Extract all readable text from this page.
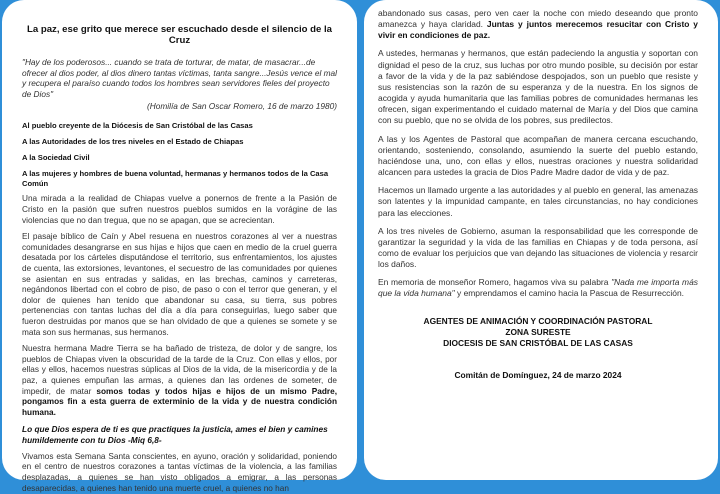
La paz, ese grito que merece ser escuchado desde el silencio de la Cruz
"Hay de los poderosos... cuando se trata de torturar, de matar, de masacrar...de ofrecer al dios poder, al dios dinero tantas víctimas, tanta sangre...Jesús vence el mal y recupera el paraíso cuando todos los hombres sean servidores fieles del proyecto de Dios"
(Homilía de San Oscar Romero, 16 de marzo 1980)
Al pueblo creyente de la Diócesis de San Cristóbal de las Casas
A las Autoridades de los tres niveles en el Estado de Chiapas
A la Sociedad Civil
A las mujeres y hombres de buena voluntad, hermanas y hermanos todos de la Casa Común

Una mirada a la realidad de Chiapas vuelve a ponernos de frente a la Pasión de Cristo en la pasión que sufren nuestros pueblos sumidos en la vorágine de las violencias que no dan tregua, que no se apagan, que se acrecientan.

El pasaje bíblico de Caín y Abel resuena en nuestros corazones al ver a nuestras comunidades desangrarse en sus hijas e hijos que caen en medio de la cruel guerra desatada por los cárteles disputándose el territorio, sus enfrentamientos, los ajustes de cuenta, las extorsiones, levantones, el secuestro de las comunidades por quienes se asientan en sus entradas y salidas, en las brechas, caminos y carreteras, negándonos libertad con el cobro de piso, de paso o con el terror que generan, y el dolor de quienes han tenido que abandonar su casa, su tierra, sus pobres pertenencias con tantas luchas del día a día para conseguirlas, luego saber que fueron destruidas por manos que se han olvidado de que a quienes se somete y se mata son sus hermanas, sus hermanos.

Nuestra hermana Madre Tierra se ha bañado de tristeza, de dolor y de sangre, los pueblos de Chiapas viven la obscuridad de la tarde de la Cruz. Con ellas y ellos, por ellas y ellos, hacemos nuestras súplicas al Dios de la vida, de la misericordia y de la paz, a quienes empuñan las armas, a quienes dan las ordenes de someter, de impedir, de matar somos todas y todos hijas e hijos de un mismo Padre, pongamos fin a esta guerra de exterminio de la vida y de nuestra condición humana.

Lo que Dios espera de ti es que practiques la justicia, ames el bien y camines humildemente con tu Dios -Miq 6,8-

Vivamos esta Semana Santa conscientes, en ayuno, oración y solidaridad, poniendo en el centro de nuestros corazones a tantas víctimas de la violencia, a las familias desplazadas, a quienes se han visto obligados a emigrar, a las personas desaparecidas, a quienes han tenido una muerte cruel, a quienes no han

abandonado sus casas, pero ven caer la noche con miedo deseando que pronto amanezca y haya claridad. Juntas y juntos merecemos resucitar con Cristo y vivir en condiciones de paz.

A ustedes, hermanas y hermanos, que están padeciendo la angustia y soportan con dignidad el peso de la cruz, sus luchas por otro mundo posible, su decisión por estar a favor de la vida y de la paz sabiéndose despojados, son un pueblo que resiste y sus resistencias son la razón de su esperanza y de la nuestra. En los signos de acogida y ayuda humanitaria que las familias pobres de comunidades hermanas les ofrecen, sigan experimentando el cuidado maternal de María y del Dios que camina con su pueblo, que no se olvida de los pobres, sus predilectos.

A las y los Agentes de Pastoral que acompañan de manera cercana escuchando, orientando, sosteniendo, consolando, asumiendo la suerte del pueblo estando, haciéndose una, uno, con ellas y ellos, nuestras oraciones y nuestra solidaridad alcancen para ustedes la gracia de Dios Padre Madre dador de vida y de paz.

Hacemos un llamado urgente a las autoridades y al pueblo en general, las amenazas son latentes y la impunidad campante, en tales circunstancias, no hay condiciones para las elecciones.

A los tres niveles de Gobierno, asuman la responsabilidad que les corresponde de garantizar la seguridad y la vida de las familias en Chiapas y de toda persona, así como de evaluar los perjuicios que van dejando las situaciones de violencia y resarcir los daños.

En memoria de monseñor Romero, hagamos viva su palabra "Nada me importa más que la vida humana" y emprendamos el camino hacia la Pascua de Resurrección.

AGENTES DE ANIMACIÓN Y COORDINACIÓN PASTORAL
ZONA SURESTE
DIOCESIS DE SAN CRISTÓBAL DE LAS CASAS
Comitán de Domínguez, 24 de marzo 2024
